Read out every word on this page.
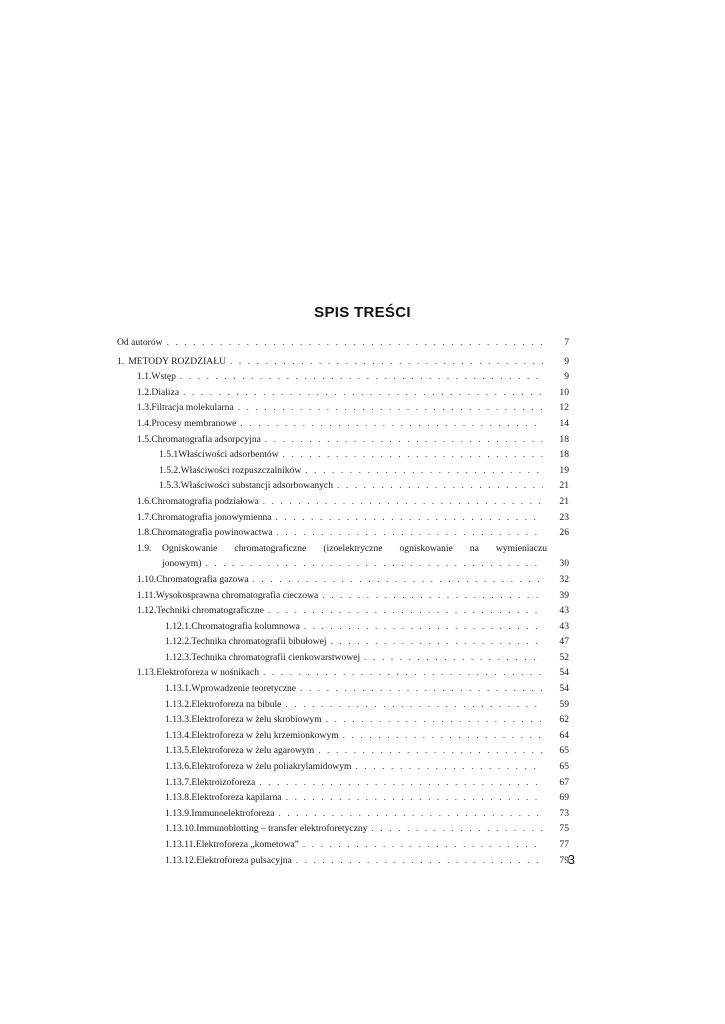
SPIS TREŚCI
Od autorów . . .	7
1. METODY ROZDZIAŁU . . .	9
1.1. Wstęp . . .	9
1.2. Dializa . . .	10
1.3. Filtracja molekularna . . .	12
1.4. Procesy membranowe . . .	14
1.5. Chromatografia adsorpcyjna . . .	18
1.5.1 Właściwości adsorbentów . . .	18
1.5.2. Właściwości rozpuszczalników . . .	19
1.5.3. Właściwości substancji adsorbowanych . . .	21
1.6. Chromatografia podziałowa . . .	21
1.7. Chromatografia jonowymienna . . .	23
1.8. Chromatografia powinowactwa . . .	26
1.9.	Ogniskowanie chromatograficzne (izoelektryczne ogniskowanie na wymieniaczu
jonowym) . . .	30
1.10. Chromatografia gazowa . . .	32
1.11. Wysokosprawna chromatografia cieczowa . . .	39
1.12. Techniki chromatograficzne . . .	43
1.12.1. Chromatografia kolumnowa . . .	43
1.12.2. Technika chromatografii bibułowej . . .	47
1.12.3. Technika chromatografii cienkowarstwowej . . .	52
1.13. Elektroforeza w nośnikach . . .	54
1.13.1. Wprowadzenie teoretyczne . . .	54
1.13.2. Elektroforeza na bibule . . .	59
1.13.3. Elektroforeza w żelu skrobiowym . . .	62
1.13.4. Elektroforeza w żelu krzemionkowym . . .	64
1.13.5. Elektroforeza w żelu agarowym . . .	65
1.13.6. Elektroforeza w żelu poliakrylamidowym . . .	65
1.13.7. Elektroizoforeza . . .	67
1.13.8. Elektroforeza kapilarna . . .	69
1.13.9. Immunoelektroforeza . . .	73
1.13.10. Immunoblotting – transfer elektroforetyczny . . .	75
1.13.11. Elektroforeza „kometowa” . . .	77
1.13.12. Elektroforeza pulsacyjna . . .	79
3
